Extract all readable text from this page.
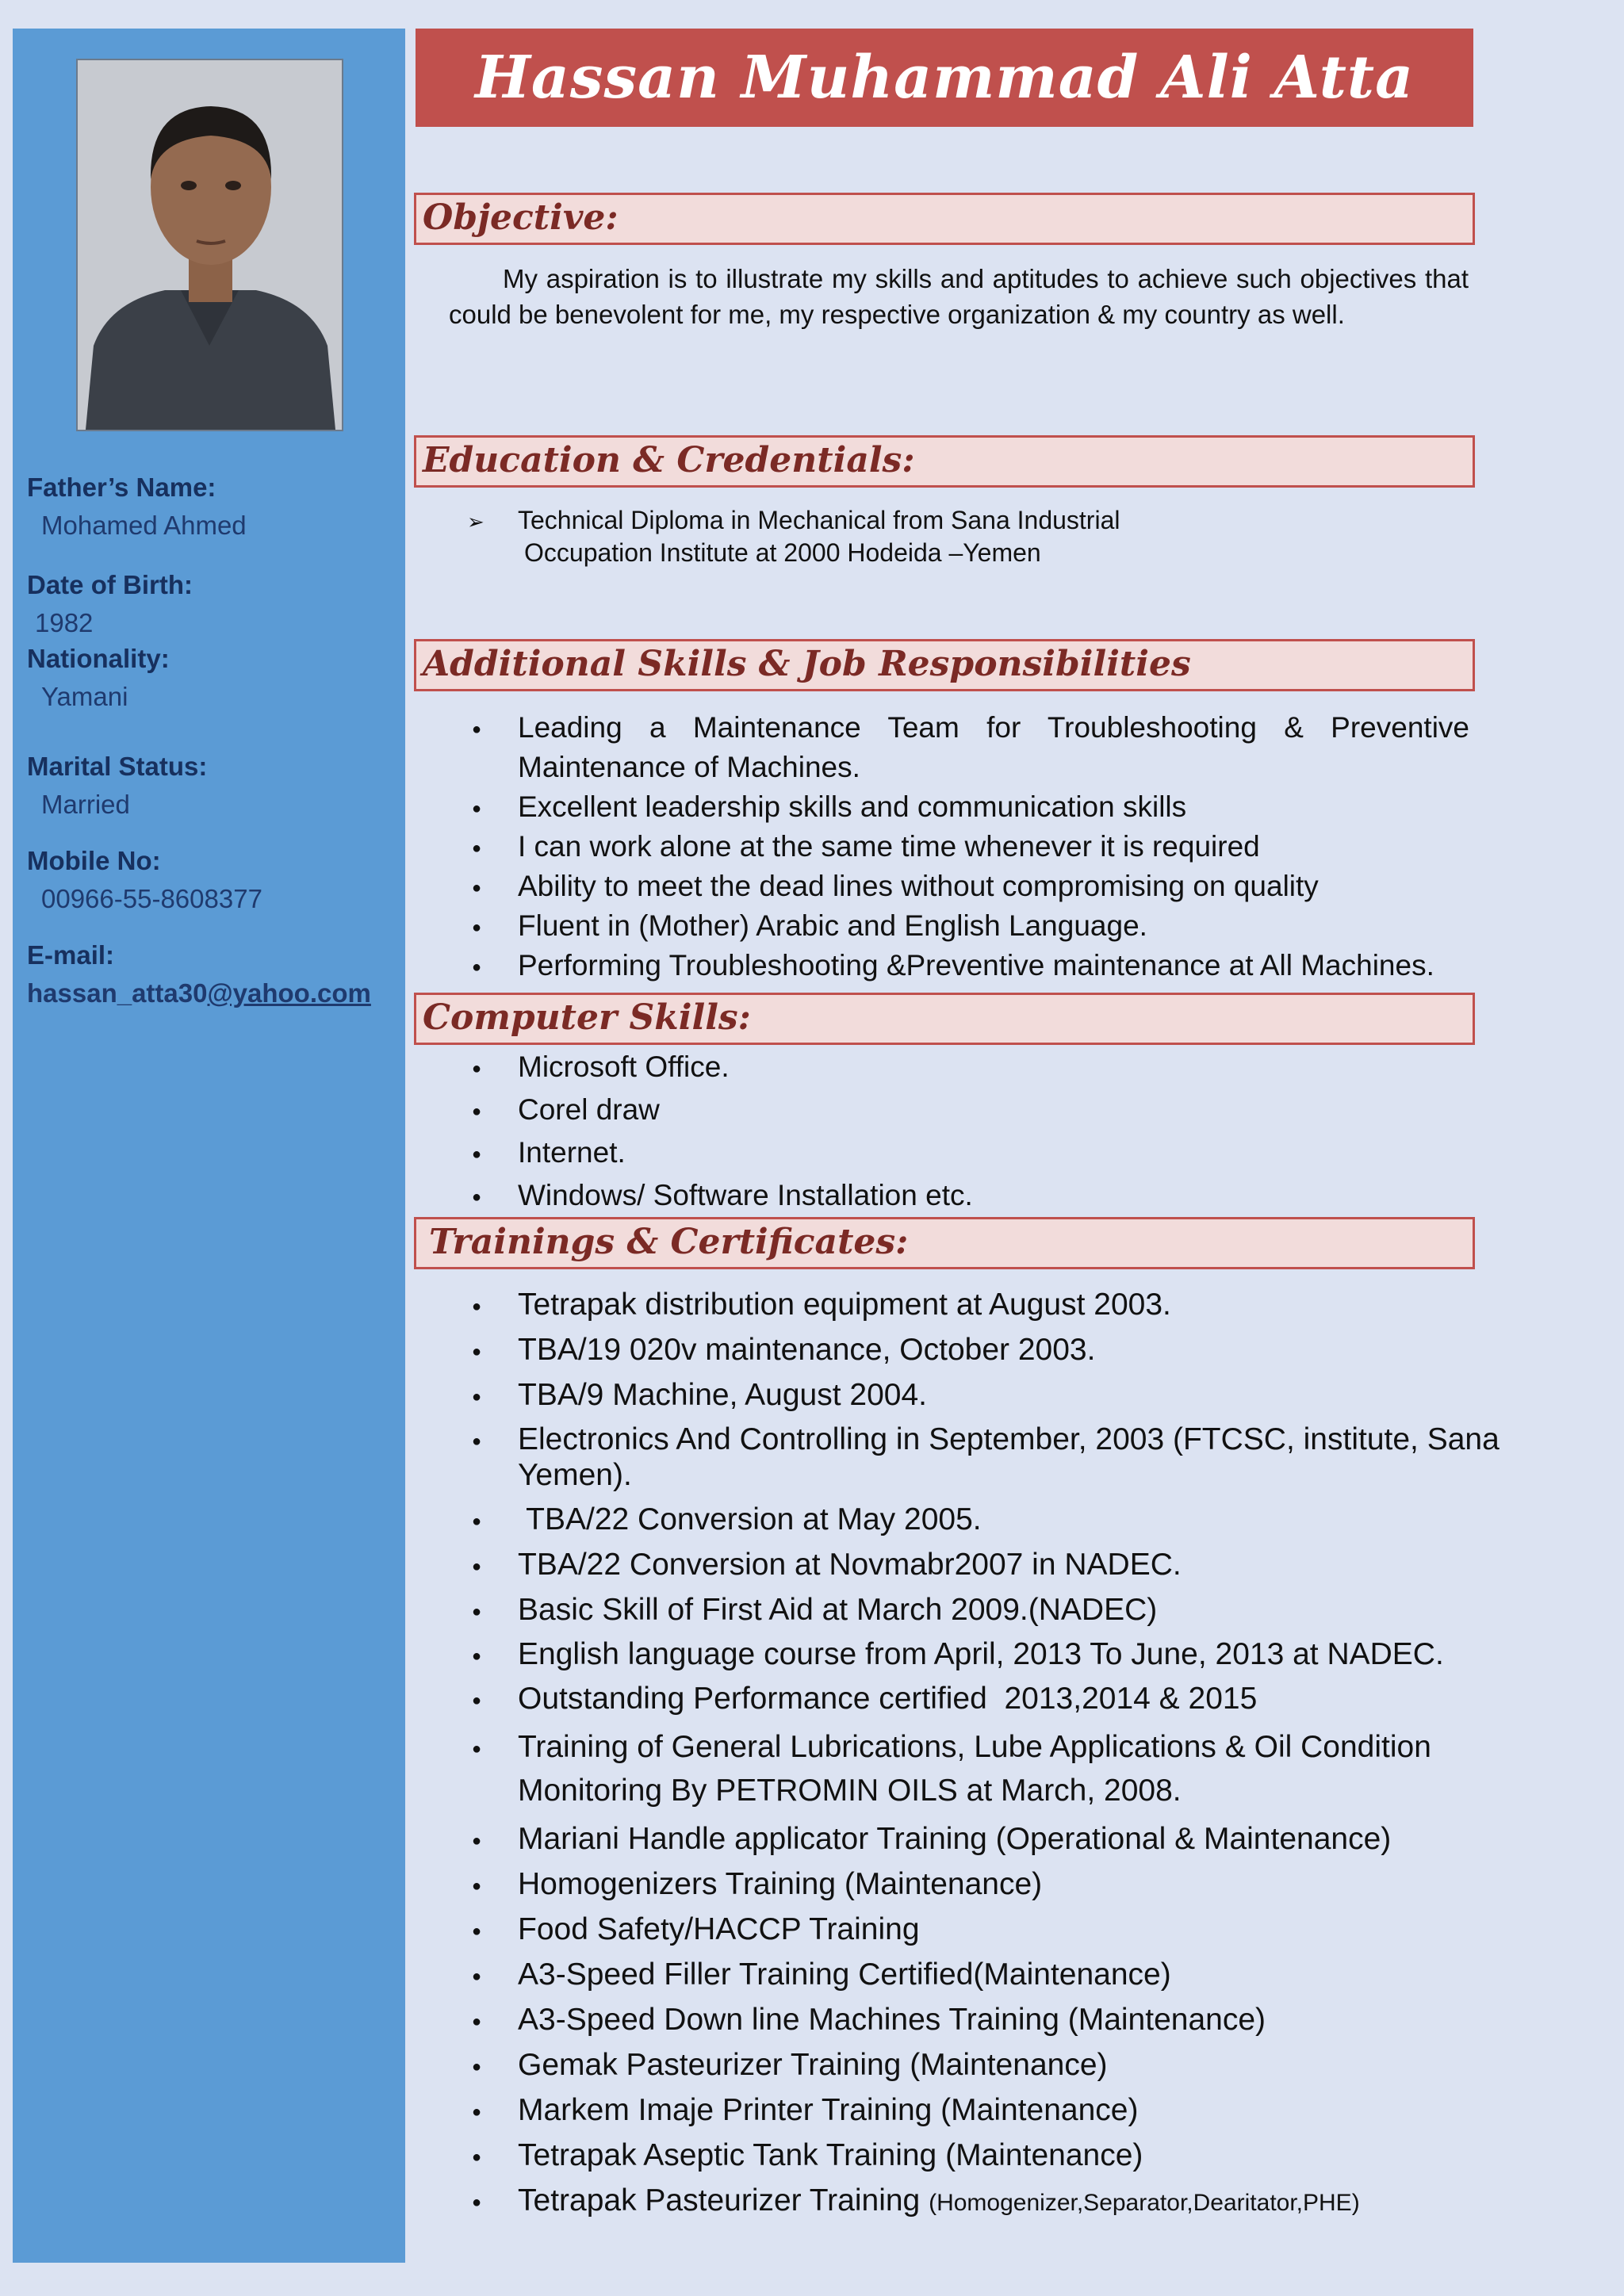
Father’s Name:
Mohamed Ahmed
Date of Birth:
1982
Nationality:
Yamani
Marital Status:
Married
Mobile No:
00966-55-8608377
E-mail:
hassan_atta30@yahoo.com
Hassan Muhammad Ali Atta
Objective:
My aspiration is to illustrate my skills and aptitudes to achieve such objectives that could be benevolent for me, my respective organization & my country as well.
Education & Credentials:
➢
Technical Diploma in Mechanical from Sana Industrial
Occupation Institute at 2000 Hodeida –Yemen
Additional Skills & Job Responsibilities
●
Leading a Maintenance Team for Troubleshooting & Preventive Maintenance of Machines.
●
Excellent leadership skills and communication skills
●
I can work alone at the same time whenever it is required
●
Ability to meet the dead lines without compromising on quality
●
Fluent in (Mother) Arabic and English Language.
●
Performing Troubleshooting &Preventive maintenance at All Machines.
Computer Skills:
●
Microsoft Office.
●
Corel draw
●
Internet.
●
Windows/ Software Installation etc.
Trainings & Certificates:
●
Tetrapak distribution equipment at August 2003.
●
TBA/19 020v maintenance, October 2003.
●
TBA/9 Machine, August 2004.
●
Electronics And Controlling in September, 2003 (FTCSC, institute, Sana Yemen).
●
TBA/22 Conversion at May 2005.
●
TBA/22 Conversion at Novmabr2007 in NADEC.
●
Basic Skill of First Aid at March 2009.(NADEC)
●
English language course from April, 2013 To June, 2013 at NADEC.
●
Outstanding Performance certified  2013,2014 & 2015
●
Training of General Lubrications, Lube Applications & Oil Condition Monitoring By PETROMIN OILS at March, 2008.
●
Mariani Handle applicator Training (Operational & Maintenance)
●
Homogenizers Training (Maintenance)
●
Food Safety/HACCP Training
●
A3-Speed Filler Training Certified(Maintenance)
●
A3-Speed Down line Machines Training (Maintenance)
●
Gemak Pasteurizer Training (Maintenance)
●
Markem Imaje Printer Training (Maintenance)
●
Tetrapak Aseptic Tank Training (Maintenance)
●
Tetrapak Pasteurizer Training (Homogenizer,Separator,Dearitator,PHE)
